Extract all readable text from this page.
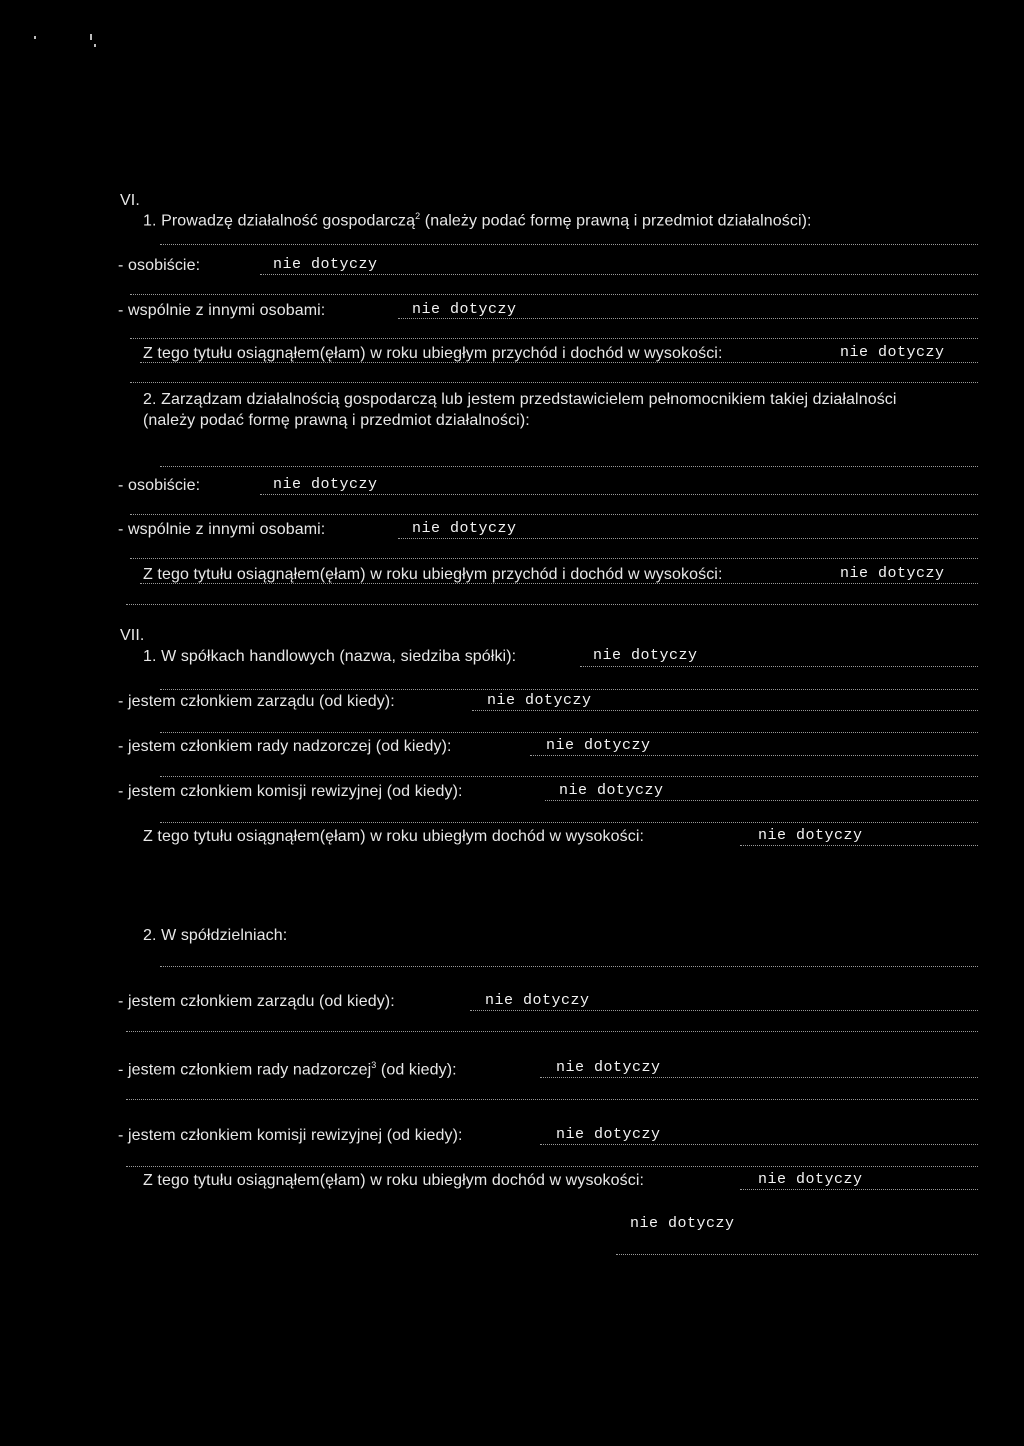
VI.
1. Prowadzę działalność gospodarczą$^2$ (należy podać formę prawną i przedmiot działalności):
- osobiście:	nie dotyczy
- wspólnie z innymi osobami:	nie dotyczy
Z tego tytułu osiągnąłem(ęłam) w roku ubiegłym przychód i dochód w wysokości:	nie dotyczy
2. Zarządzam działalnością gospodarczą lub jestem przedstawicielem pełnomocnikiem takiej działalności (należy podać formę prawną i przedmiot działalności):
- osobiście:	nie dotyczy
- wspólnie z innymi osobami:	nie dotyczy
Z tego tytułu osiągnąłem(ęłam) w roku ubiegłym przychód i dochód w wysokości:	nie dotyczy
VII.
1. W spółkach handlowych (nazwa, siedziba spółki):	nie dotyczy
- jestem członkiem zarządu (od kiedy):	nie dotyczy
- jestem członkiem rady nadzorczej (od kiedy):	nie dotyczy
- jestem członkiem komisji rewizyjnej (od kiedy):	nie dotyczy
Z tego tytułu osiągnąłem(ęłam) w roku ubiegłym dochód w wysokości:	nie dotyczy
2. W spółdzielniach:
- jestem członkiem zarządu (od kiedy):	nie dotyczy
- jestem członkiem rady nadzorczej$^3$ (od kiedy):	nie dotyczy
- jestem członkiem komisji rewizyjnej (od kiedy):	nie dotyczy
Z tego tytułu osiągnąłem(ęłam) w roku ubiegłym dochód w wysokości:	nie dotyczy
nie dotyczy
